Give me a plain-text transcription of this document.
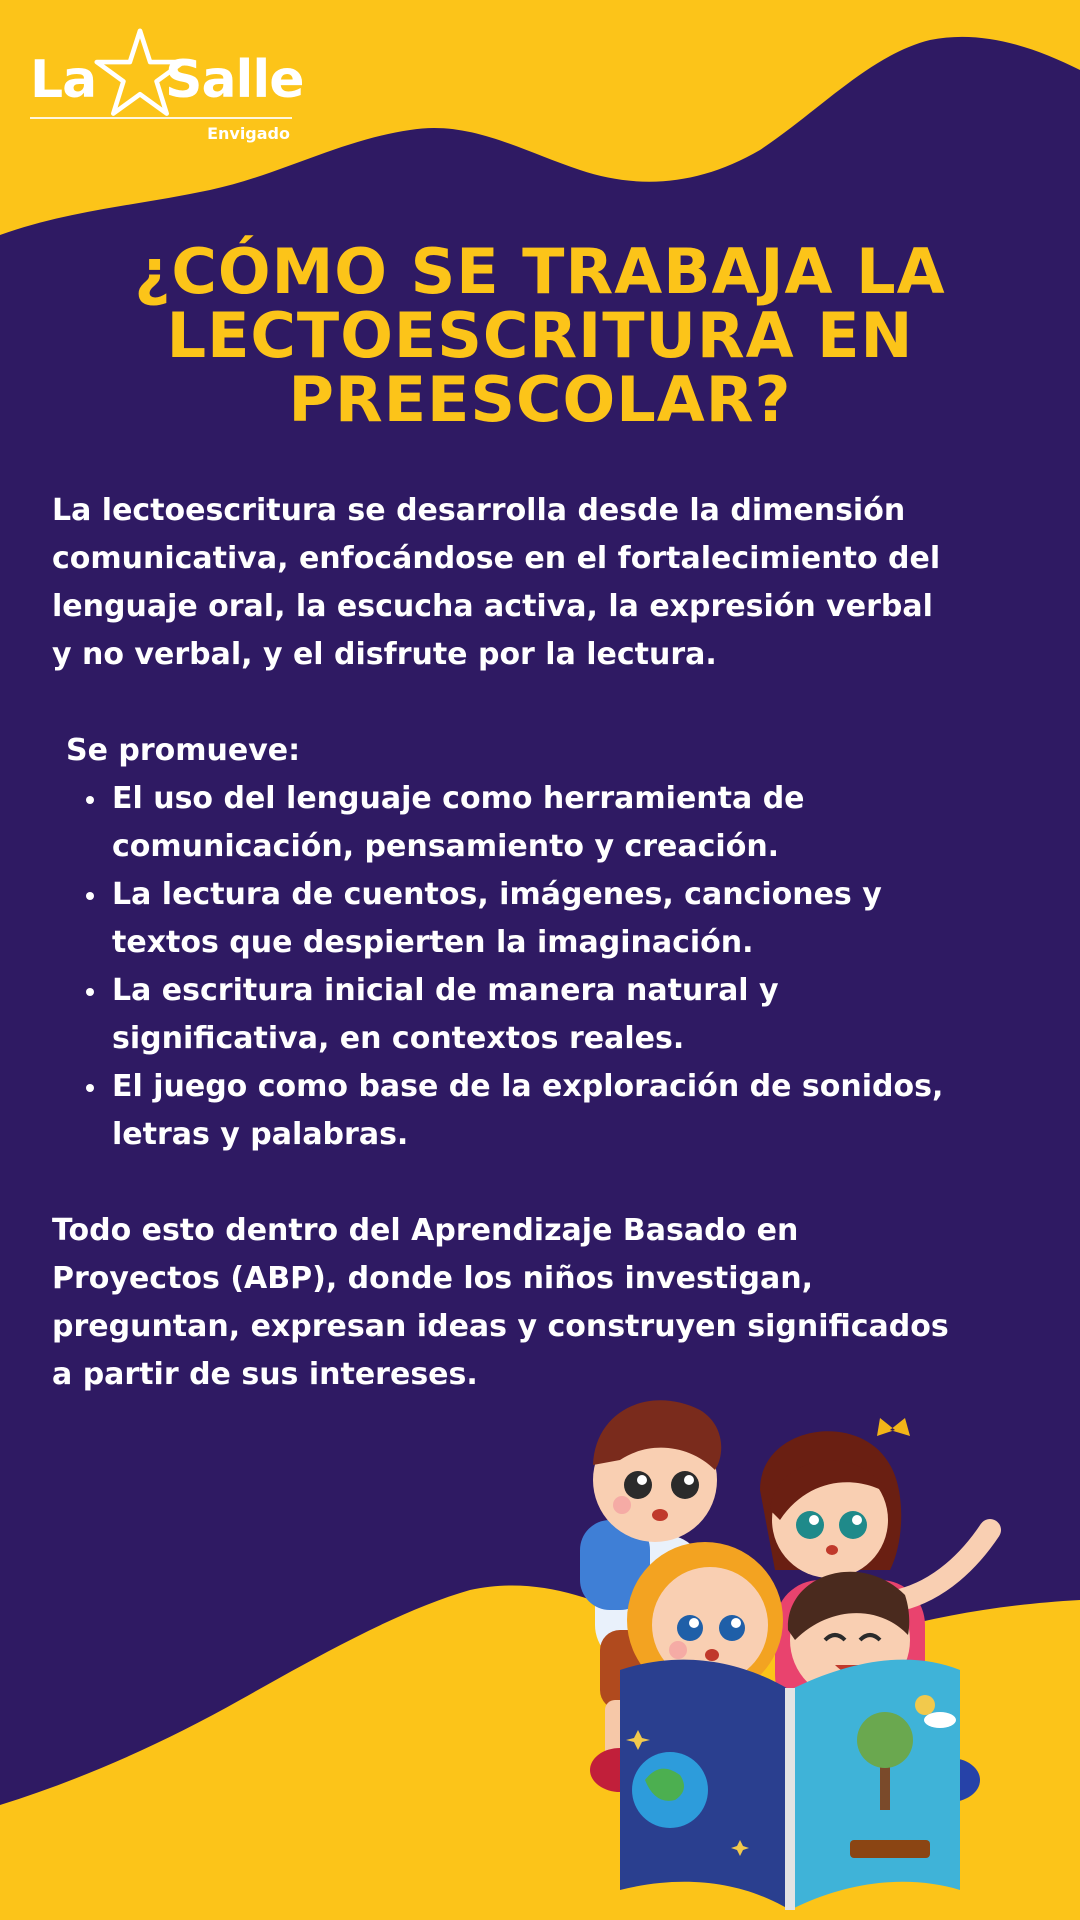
La Salle
Envigado
¿CÓMO SE TRABAJA LA
LECTOESCRITURA EN
PREESCOLAR?
La lectoescritura se desarrolla desde la dimensión
comunicativa, enfocándose en el fortalecimiento del
lenguaje oral, la escucha activa, la expresión verbal
y no verbal, y el disfrute por la lectura.
Se promueve:
El uso del lenguaje como herramienta de
comunicación, pensamiento y creación.
La lectura de cuentos, imágenes, canciones y
textos que despierten la imaginación.
La escritura inicial de manera natural y
significativa, en contextos reales.
El juego como base de la exploración de sonidos,
letras y palabras.
Todo esto dentro del Aprendizaje Basado en
Proyectos (ABP), donde los niños investigan,
preguntan, expresan ideas y construyen significados
a partir de sus intereses.
